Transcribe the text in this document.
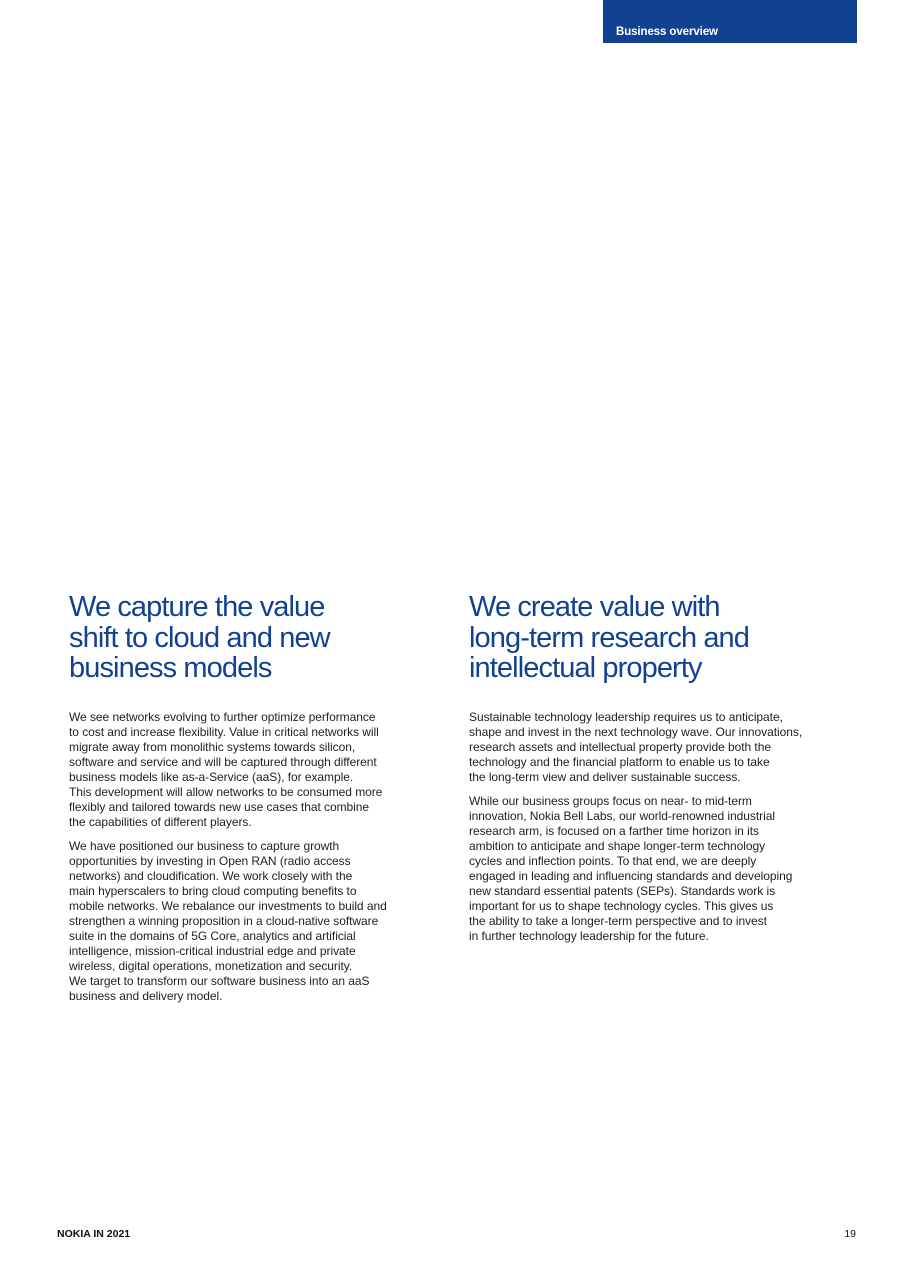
Business overview
We capture the value
shift to cloud and new
business models

We see networks evolving to further optimize performance
to cost and increase flexibility. Value in critical networks will
migrate away from monolithic systems towards silicon,
software and service and will be captured through different
business models like as-a-Service (aaS), for example.
This development will allow networks to be consumed more
flexibly and tailored towards new use cases that combine
the capabilities of different players.

We have positioned our business to capture growth
opportunities by investing in Open RAN (radio access
networks) and cloudification. We work closely with the
main hyperscalers to bring cloud computing benefits to
mobile networks. We rebalance our investments to build and
strengthen a winning proposition in a cloud-native software
suite in the domains of 5G Core, analytics and artificial
intelligence, mission-critical industrial edge and private
wireless, digital operations, monetization and security.
We target to transform our software business into an aaS
business and delivery model.

We create value with
long-term research and
intellectual property

Sustainable technology leadership requires us to anticipate,
shape and invest in the next technology wave. Our innovations,
research assets and intellectual property provide both the
technology and the financial platform to enable us to take
the long-term view and deliver sustainable success.

While our business groups focus on near- to mid-term
innovation, Nokia Bell Labs, our world-renowned industrial
research arm, is focused on a farther time horizon in its
ambition to anticipate and shape longer-term technology
cycles and inflection points. To that end, we are deeply
engaged in leading and influencing standards and developing
new standard essential patents (SEPs). Standards work is
important for us to shape technology cycles. This gives us
the ability to take a longer-term perspective and to invest
in further technology leadership for the future.

NOKIA IN 2021	19
